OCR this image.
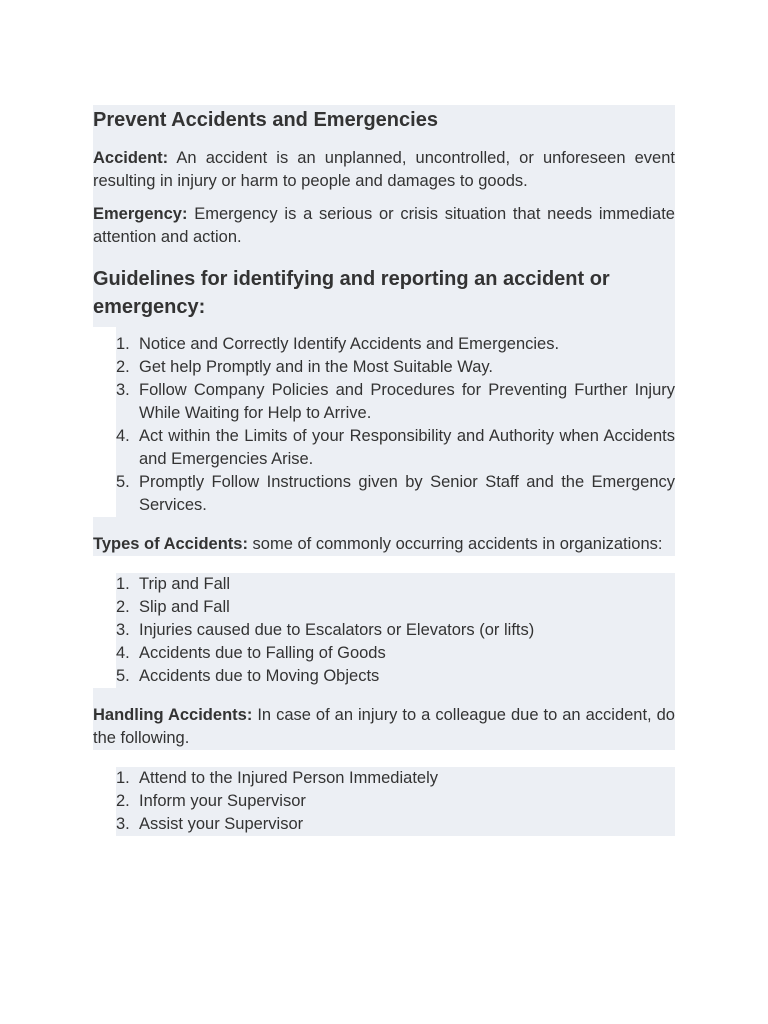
Prevent Accidents and Emergencies

Accident: An accident is an unplanned, uncontrolled, or unforeseen event resulting in injury or harm to people and damages to goods.

Emergency: Emergency is a serious or crisis situation that needs immediate attention and action.

Guidelines for identifying and reporting an accident or emergency:
1. Notice and Correctly Identify Accidents and Emergencies.
2. Get help Promptly and in the Most Suitable Way.
3. Follow Company Policies and Procedures for Preventing Further Injury While Waiting for Help to Arrive.
4. Act within the Limits of your Responsibility and Authority when Accidents and Emergencies Arise.
5. Promptly Follow Instructions given by Senior Staff and the Emergency Services.

Types of Accidents: some of commonly occurring accidents in organizations:

1. Trip and Fall
2. Slip and Fall
3. Injuries caused due to Escalators or Elevators (or lifts)
4. Accidents due to Falling of Goods
5. Accidents due to Moving Objects

Handling Accidents: In case of an injury to a colleague due to an accident, do the following.

1. Attend to the Injured Person Immediately
2. Inform your Supervisor
3. Assist your Supervisor
